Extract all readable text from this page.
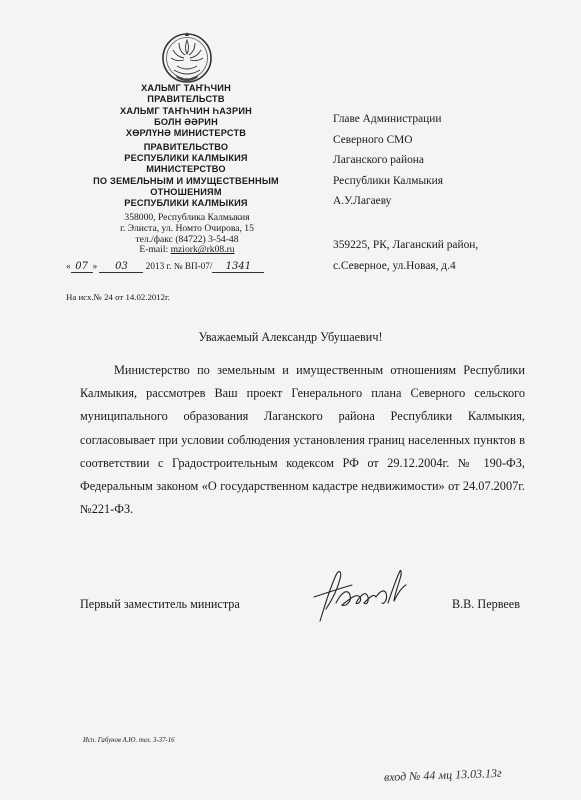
ХАЛЬМГ ТАҤҺЧИН
ПРАВИТЕЛЬСТВ
ХАЛЬМГ ТАҤҺЧИН ҺАЗРИН
БОЛН ӘӘРИН
ХӨРЛҮНӘ МИНИСТЕРСТВ
ПРАВИТЕЛЬСТВО
РЕСПУБЛИКИ КАЛМЫКИЯ
МИНИСТЕРСТВО
ПО ЗЕМЕЛЬНЫМ И ИМУЩЕСТВЕННЫМ
ОТНОШЕНИЯМ
РЕСПУБЛИКИ КАЛМЫКИЯ
358000, Республика Калмыкия
г. Элиста, ул. Номто Очирова, 15
тел./факс (84722) 3-54-48
E-mail: mziork@rk08.ru
« 07 » 03 2013 г. № ВП-07/ 1341
На исх.№ 24 от 14.02.2012г.
Главе Администрации
Северного СМО
Лаганского района
Республики Калмыкия
А.У.Лагаеву
359225, РК, Лаганский район,
с.Северное, ул.Новая, д.4
Уважаемый Александр Убушаевич!

Министерство по земельным и имущественным отношениям Республики Калмыкия, рассмотрев Ваш проект Генерального плана Северного сельского муниципального образования Лаганского района Республики Калмыкия, согласовывает при условии соблюдения установления границ населенных пунктов в соответствии с Градостроительным кодексом РФ от 29.12.2004г. № 190-ФЗ, Федеральным законом «О государственном кадастре недвижимости» от 24.07.2007г. №221-ФЗ.

Первый заместитель министра	В.В. Первеев
Исп. Габунов А.Ю. тел. 3-37-16
вход № 44 мц 13.03.13г
